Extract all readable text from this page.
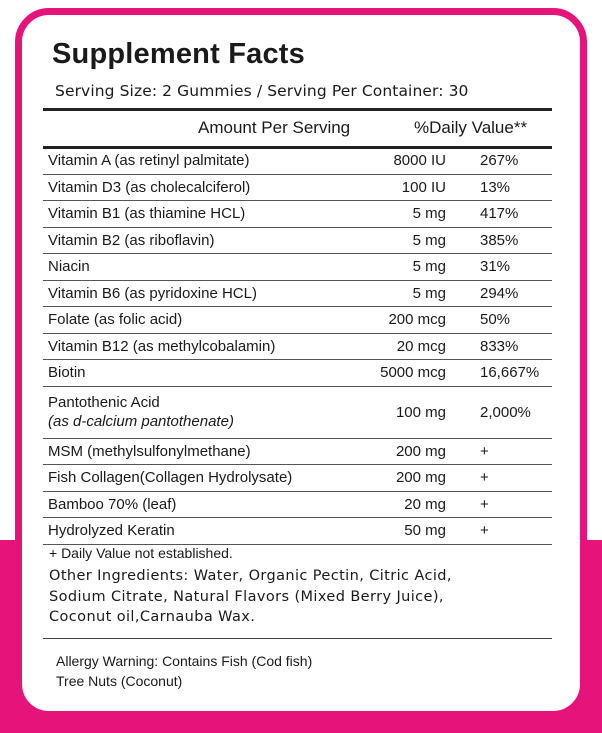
Supplement Facts
Serving Size: 2 Gummies / Serving Per Container: 30
Amount Per Serving	%Daily Value**
Vitamin A (as retinyl palmitate)	8000 IU	267%
Vitamin D3 (as cholecalciferol)	100 IU	13%
Vitamin B1 (as thiamine HCL)	5 mg	417%
Vitamin B2 (as riboflavin)	5 mg	385%
Niacin	5 mg	31%
Vitamin B6 (as pyridoxine HCL)	5 mg	294%
Folate (as folic acid)	200 mcg	50%
Vitamin B12 (as methylcobalamin)	20 mcg	833%
Biotin	5000 mcg	16,667%
Pantothenic Acid
(as d-calcium pantothenate)	100 mg	2,000%
MSM (methylsulfonylmethane)	200 mg	+
Fish Collagen(Collagen Hydrolysate)	200 mg	+
Bamboo 70% (leaf)	20 mg	+
Hydrolyzed Keratin	50 mg	+
+ Daily Value not established.
Other Ingredients: Water, Organic Pectin, Citric Acid,
Sodium Citrate, Natural Flavors (Mixed Berry Juice),
Coconut oil,Carnauba Wax.
Allergy Warning: Contains Fish (Cod fish)
Tree Nuts (Coconut)
